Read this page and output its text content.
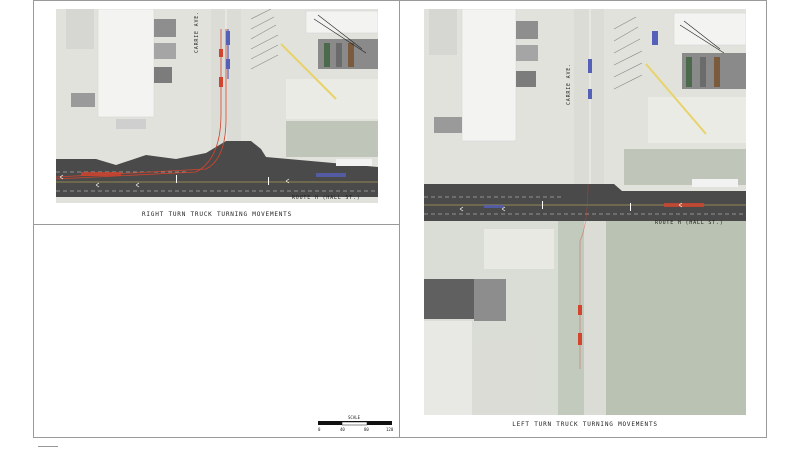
CARRIE AVE.
ROUTE H (HALL ST.)
RIGHT TURN TRUCK TURNING MOVEMENTS
SCALE
0	40	80	120
CARRIE AVE.
ROUTE H (HALL ST.)
LEFT TURN TRUCK TURNING MOVEMENTS
